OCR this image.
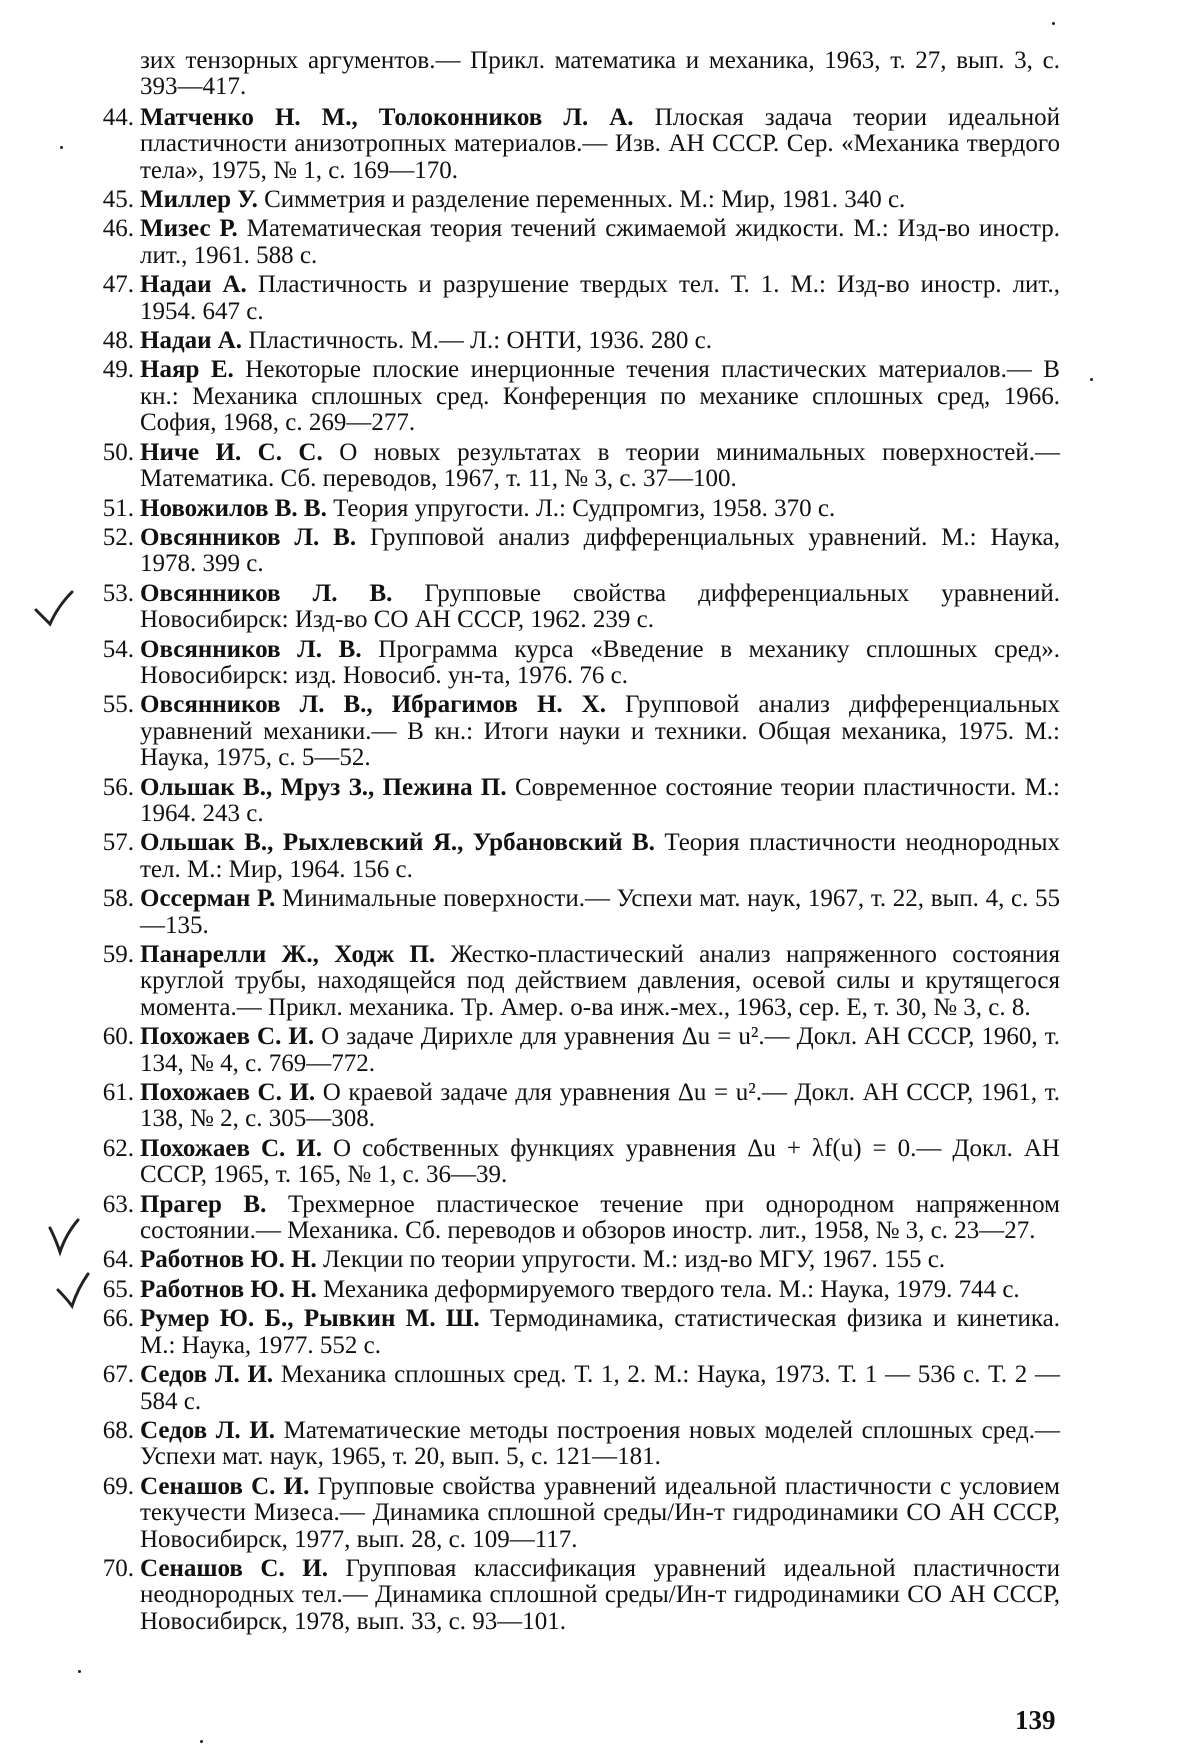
зих тензорных аргументов.— Прикл. математика и механика, 1963, т. 27, вып. 3, с. 393—417.
44. Матченко Н. М., Толоконников Л. А. Плоская задача теории идеальной пластичности анизотропных материалов.— Изв. АН СССР. Сер. «Механика твердого тела», 1975, № 1, с. 169—170.
45. Миллер У. Симметрия и разделение переменных. М.: Мир, 1981. 340 с.
46. Мизес Р. Математическая теория течений сжимаемой жидкости. М.: Изд-во иностр. лит., 1961. 588 с.
47. Надаи А. Пластичность и разрушение твердых тел. Т. 1. М.: Изд-во иностр. лит., 1954. 647 с.
48. Надаи А. Пластичность. М.— Л.: ОНТИ, 1936. 280 с.
49. Наяр Е. Некоторые плоские инерционные течения пластических материалов.— В кн.: Механика сплошных сред. Конференция по механике сплошных сред, 1966. София, 1968, с. 269—277.
50. Ниче И. С. С. О новых результатах в теории минимальных поверхностей.— Математика. Сб. переводов, 1967, т. 11, № 3, с. 37—100.
51. Новожилов В. В. Теория упругости. Л.: Судпромгиз, 1958. 370 с.
52. Овсянников Л. В. Групповой анализ дифференциальных уравнений. М.: Наука, 1978. 399 с.
53. Овсянников Л. В. Групповые свойства дифференциальных уравнений. Новосибирск: Изд-во СО АН СССР, 1962. 239 с.
54. Овсянников Л. В. Программа курса «Введение в механику сплошных сред». Новосибирск: изд. Новосиб. ун-та, 1976. 76 с.
55. Овсянников Л. В., Ибрагимов Н. Х. Групповой анализ дифференциальных уравнений механики.— В кн.: Итоги науки и техники. Общая механика, 1975. М.: Наука, 1975, с. 5—52.
56. Ольшак В., Мруз З., Пежина П. Современное состояние теории пластичности. М.: 1964. 243 с.
57. Ольшак В., Рыхлевский Я., Урбановский В. Теория пластичности неоднородных тел. М.: Мир, 1964. 156 с.
58. Оссерман Р. Минимальные поверхности.— Успехи мат. наук, 1967, т. 22, вып. 4, с. 55—135.
59. Панарелли Ж., Ходж П. Жестко-пластический анализ напряженного состояния круглой трубы, находящейся под действием давления, осевой силы и крутящегося момента.— Прикл. механика. Тр. Амер. о-ва инж.-мех., 1963, сер. Е, т. 30, № 3, с. 8.
60. Похожаев С. И. О задаче Дирихле для уравнения Δu = u².— Докл. АН СССР, 1960, т. 134, № 4, с. 769—772.
61. Похожаев С. И. О краевой задаче для уравнения Δu = u².— Докл. АН СССР, 1961, т. 138, № 2, с. 305—308.
62. Похожаев С. И. О собственных функциях уравнения Δu + λf(u) = 0.— Докл. АН СССР, 1965, т. 165, № 1, с. 36—39.
63. Прагер В. Трехмерное пластическое течение при однородном напряженном состоянии.— Механика. Сб. переводов и обзоров иностр. лит., 1958, № 3, с. 23—27.
64. Работнов Ю. Н. Лекции по теории упругости. М.: изд-во МГУ, 1967. 155 с.
65. Работнов Ю. Н. Механика деформируемого твердого тела. М.: Наука, 1979. 744 с.
66. Румер Ю. Б., Рывкин М. Ш. Термодинамика, статистическая физика и кинетика. М.: Наука, 1977. 552 с.
67. Седов Л. И. Механика сплошных сред. Т. 1, 2. М.: Наука, 1973. Т. 1 — 536 с. Т. 2 — 584 с.
68. Седов Л. И. Математические методы построения новых моделей сплошных сред.— Успехи мат. наук, 1965, т. 20, вып. 5, с. 121—181.
69. Сенашов С. И. Групповые свойства уравнений идеальной пластичности с условием текучести Мизеса.— Динамика сплошной среды/Ин-т гидродинамики СО АН СССР, Новосибирск, 1977, вып. 28, с. 109—117.
70. Сенашов С. И. Групповая классификация уравнений идеальной пластичности неоднородных тел.— Динамика сплошной среды/Ин-т гидродинамики СО АН СССР, Новосибирск, 1978, вып. 33, с. 93—101.
139
